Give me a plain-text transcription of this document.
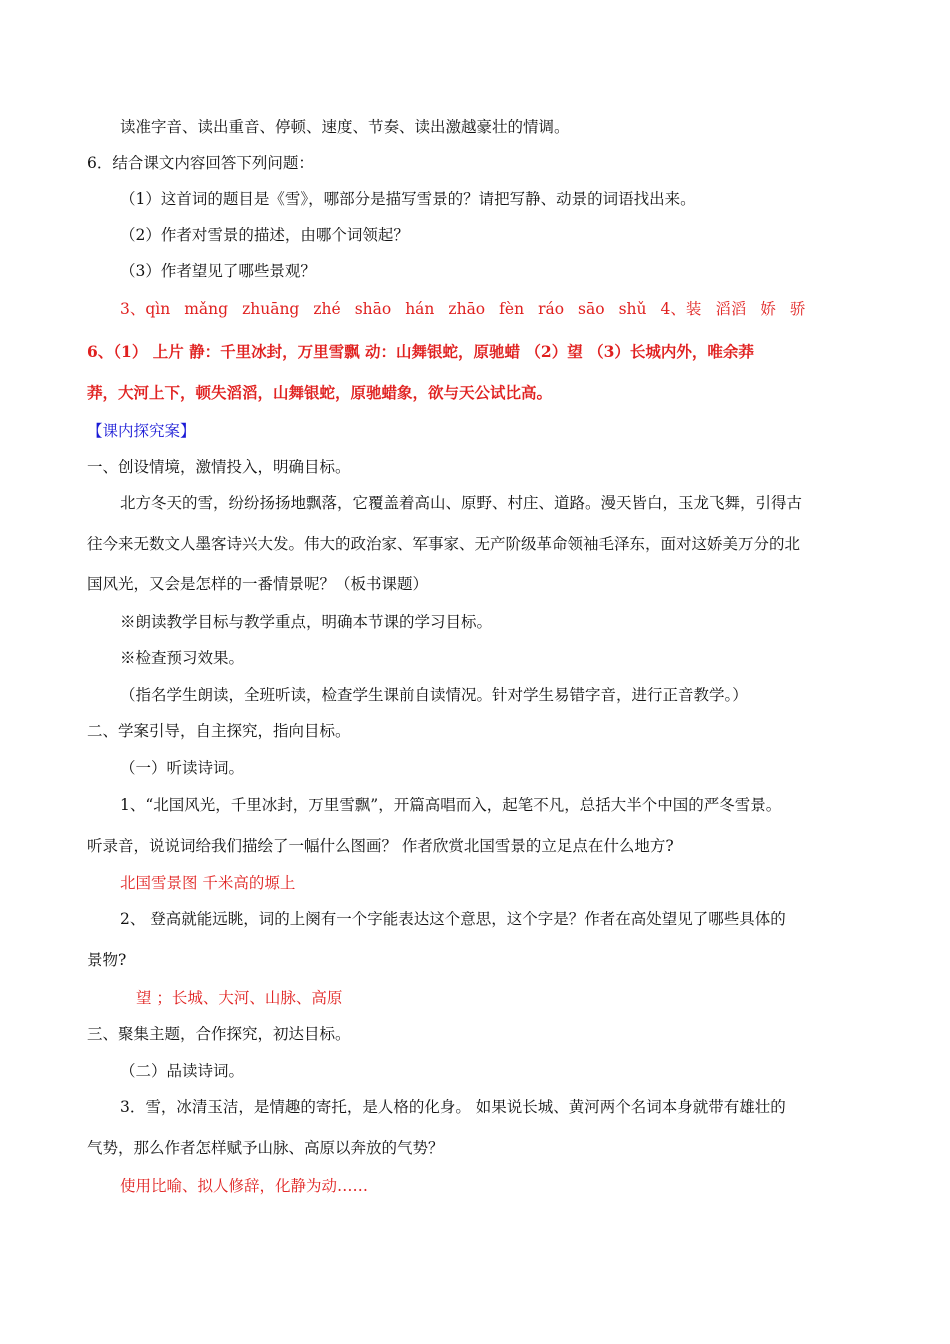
读准字音、读出重音、停顿、速度、节奏、读出激越豪壮的情调。
6．结合课文内容回答下列问题：
（1）这首词的题目是《雪》，哪部分是描写雪景的？请把写静、动景的词语找出来。
（2）作者对雪景的描述，由哪个词领起？
（3）作者望见了哪些景观？
3、qìn mǎng zhuāng zhé shāo hán zhāo fèn ráo sāo shǔ 4、装 滔滔 娇 骄
6、（1） 上片 静：千里冰封，万里雪飘 动：山舞银蛇，原驰蜡 （2）望 （3）长城内外，唯余莽
莽，大河上下，顿失滔滔，山舞银蛇，原驰蜡象，欲与天公试比高。
【课内探究案】
一、创设情境，激情投入，明确目标。
北方冬天的雪，纷纷扬扬地飘落，它覆盖着高山、原野、村庄、道路。漫天皆白，玉龙飞舞，引得古
往今来无数文人墨客诗兴大发。伟大的政治家、军事家、无产阶级革命领袖毛泽东，面对这娇美万分的北
国风光，又会是怎样的一番情景呢？（板书课题）
※朗读教学目标与教学重点，明确本节课的学习目标。
※检查预习效果。
（指名学生朗读，全班听读，检查学生课前自读情况。针对学生易错字音，进行正音教学。）
二、学案引导，自主探究，指向目标。
（一）听读诗词。
1、“北国风光，千里冰封，万里雪飘”，开篇高唱而入，起笔不凡，总括大半个中国的严冬雪景。
听录音，说说词给我们描绘了一幅什么图画？ 作者欣赏北国雪景的立足点在什么地方?
北国雪景图 千米高的塬上
2、 登高就能远眺，词的上阕有一个字能表达这个意思，这个字是？作者在高处望见了哪些具体的
景物?
望 ；长城、大河、山脉、高原
三、聚集主题，合作探究，初达目标。
（二）品读诗词。
3．雪，冰清玉洁，是情趣的寄托，是人格的化身。 如果说长城、黄河两个名词本身就带有雄壮的
气势，那么作者怎样赋予山脉、高原以奔放的气势？
使用比喻、拟人修辞，化静为动……
